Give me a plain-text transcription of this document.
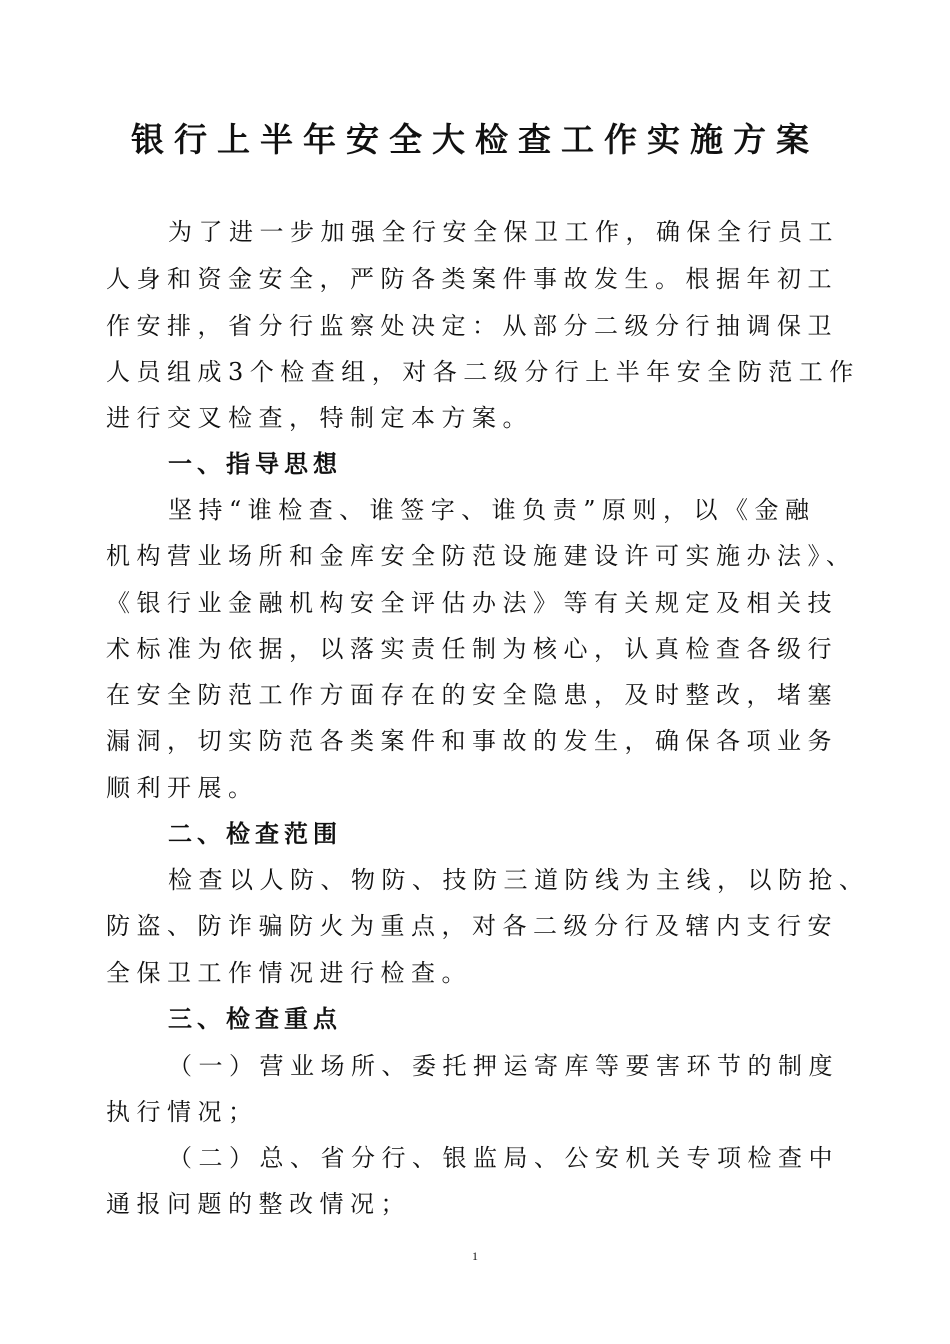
银行上半年安全大检查工作实施方案
为了进一步加强全行安全保卫工作，确保全行员工
人身和资金安全，严防各类案件事故发生。根据年初工
作安排，省分行监察处决定：从部分二级分行抽调保卫
人员组成3个检查组，对各二级分行上半年安全防范工作
进行交叉检查，特制定本方案。
一、指导思想
坚持“谁检查、谁签字、谁负责”原则，以《金融
机构营业场所和金库安全防范设施建设许可实施办法》、
《银行业金融机构安全评估办法》等有关规定及相关技
术标准为依据，以落实责任制为核心，认真检查各级行
在安全防范工作方面存在的安全隐患，及时整改，堵塞
漏洞，切实防范各类案件和事故的发生，确保各项业务
顺利开展。
二、检查范围
检查以人防、物防、技防三道防线为主线，以防抢、
防盗、防诈骗防火为重点，对各二级分行及辖内支行安
全保卫工作情况进行检查。
三、检查重点
（一）营业场所、委托押运寄库等要害环节的制度
执行情况；
（二）总、省分行、银监局、公安机关专项检查中
通报问题的整改情况；
1
